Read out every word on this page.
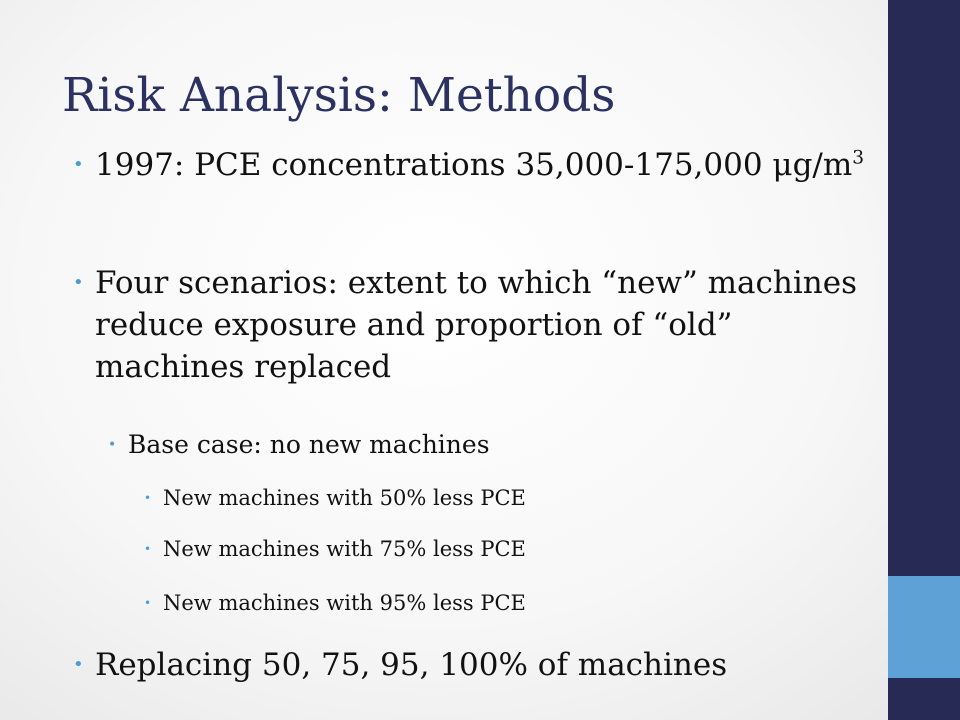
Risk Analysis: Methods
• 1997: PCE concentrations 35,000-175,000 $\mu g/m^3$
• Four scenarios: extent to which “new” machines reduce exposure and proportion of “old” machines replaced
• Base case: no new machines
• New machines with 50% less PCE
• New machines with 75% less PCE
• New machines with 95% less PCE
• Replacing 50, 75, 95, 100% of machines
